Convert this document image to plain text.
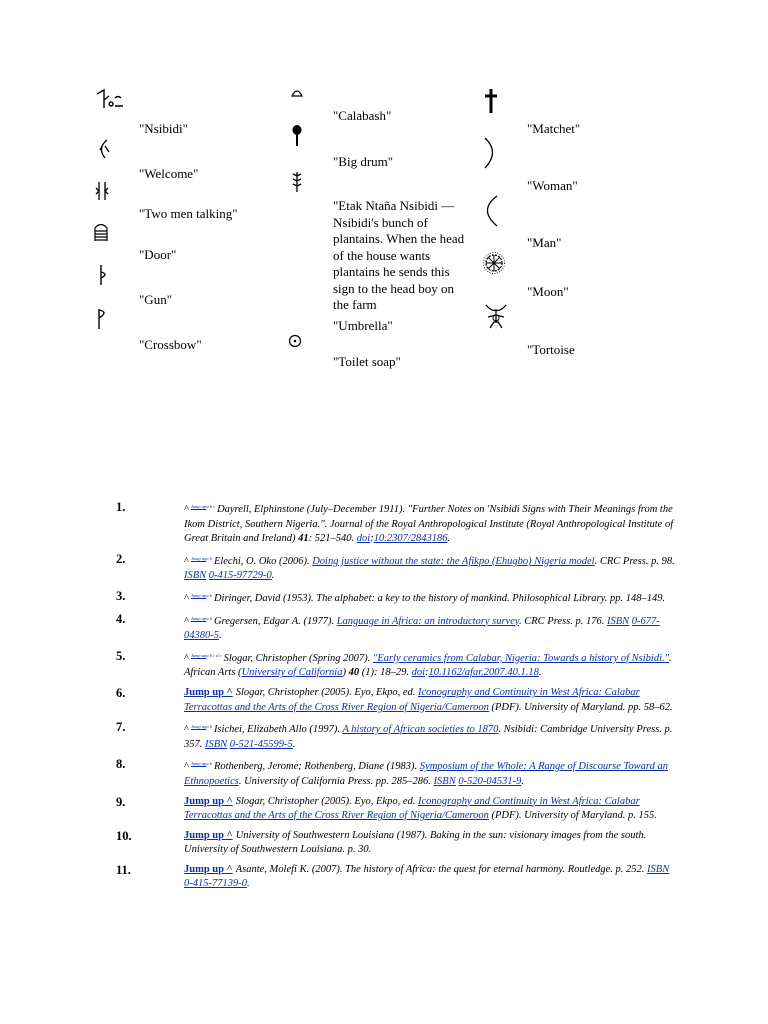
"Nsibidi"
"Welcome"
"Two men talking"
"Door"
"Gun"
"Crossbow"
"Calabash"
"Big drum"
"Etak Ntaña Nsibidi — Nsibidi's bunch of plantains. When the head of the house wants plantains he sends this sign to the head boy on the farm
"Umbrella"
"Toilet soap"
"Matchet"
"Woman"
"Man"
"Moon"
"Tortoise
1.	^ $^{Jump upa b c}$ Dayrell, Elphinstone (July–December 1911). "Further Notes on 'Nsibidi Signs with Their Meanings from the Ikom District, Southern Nigeria.". Journal of the Royal Anthropological Institute (Royal Anthropological Institute of Great Britain and Ireland) 41: 521–540. doi:10.2307/2843186.
2.	^ $^{Jump upa b}$ Elechi, O. Oko (2006). Doing justice without the state: the Afikpo (Ehugbo) Nigeria model. CRC Press. p. 98. ISBN 0-415-97729-0.
3.	^ $^{Jump upa b}$ Diringer, David (1953). The alphabet: a key to the history of mankind. Philosophical Library. pp. 148–149.
4.	^ $^{Jump upa b}$ Gregersen, Edgar A. (1977). Language in Africa: an introductory survey. CRC Press. p. 176. ISBN 0-677-04380-5.
5.	^ $^{Jump upa b c d e}$ Slogar, Christopher (Spring 2007). "Early ceramics from Calabar, Nigeria: Towards a history of Nsibidi.". African Arts (University of California) 40 (1): 18–29. doi:10.1162/afar.2007.40.1.18.
6.	Jump up ^ Slogar, Christopher (2005). Eyo, Ekpo, ed. Iconography and Continuity in West Africa: Calabar Terracottas and the Arts of the Cross River Region of Nigeria/Cameroon (PDF). University of Maryland. pp. 58–62.
7.	^ $^{Jump upa b}$ Isichei, Elizabeth Allo (1997). A history of African societies to 1870. Nsibidi: Cambridge University Press. p. 357. ISBN 0-521-45599-5.
8.	^ $^{Jump upa b}$ Rothenberg, Jerome; Rothenberg, Diane (1983). Symposium of the Whole: A Range of Discourse Toward an Ethnopoetics. University of California Press. pp. 285–286. ISBN 0-520-04531-9.
9.	Jump up ^ Slogar, Christopher (2005). Eyo, Ekpo, ed. Iconography and Continuity in West Africa: Calabar Terracottas and the Arts of the Cross River Region of Nigeria/Cameroon (PDF). University of Maryland. p. 155.
10.	Jump up ^ University of Southwestern Louisiana (1987). Baking in the sun: visionary images from the south. University of Southwestern Louisiana. p. 30.
11.	Jump up ^ Asante, Molefi K. (2007). The history of Africa: the quest for eternal harmony. Routledge. p. 252. ISBN 0-415-77139-0.
